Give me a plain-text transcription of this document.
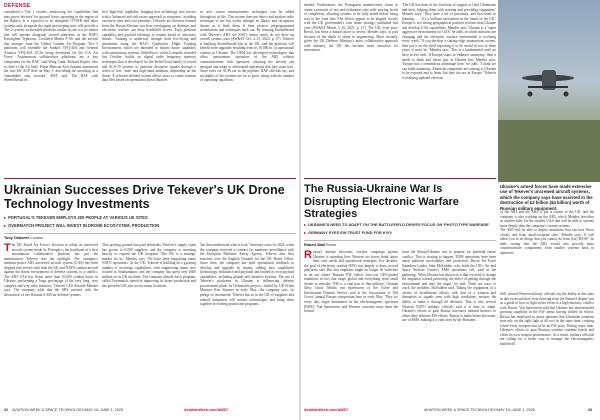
DEFENSE
considered a Tier 1 system—reinforcing the 'capabilities that may prove decisive' for ground forces operating in the region of the Baltics. It is expected to sit alongside OTTER and other systems and, alongside the rapid prototyping unit, will provide a Tier 2 system, an attritable platform similar in size to a jet trainer that will operate alongside crewed platforms as the RAF's Eurofighter Typhoons, Lockheed Martin F-35s and the aircraft that emerges from the Global Combat Air Program. Tier 3 platforms will resemble the Anduril YFQ-44A and General Atomics YFQ-42A UCAs being developed for the U.S. Air Force. 'Autonomous collaborative platforms are a key component for the RAF,' said Wing Cmdr. Richard Kepler, who is chief of the Air Staff. Prime Minister Keir Starmer announced the first UK ACP fleet on May 1, describing the unveiling as a 'remarkable step forward,' RAF said. The RAF calls StormShroud its
first 'high-risk' capability, bringing new technology into service with a 'balanced and risk-aware approach to assurance,' avoiding excessive time and cost penalties. Officials are likewise learned from the Russia-Ukraine war how overlapping air defenses and electronic warfare can deny battlefield access. Each platform capability and payload offerings to remain ahead of adversary threats. Training is underway through both live-flying and simulation using the RAF's Qualitative Flight Training Environment, which are intended to inform future capability with autonomous systems. StrikeForce, which Leonardo revealed last October, builds on digital radio frequency memory techniques that it developed for the StrikeCloud family of towed and ALE-70 systems to generate deceptive signals through a series of low-, mid- and high-band antennas, depending on the threat. A software-defined system allows users to create mission data files based on operational threat libraries
so new sensor measurements techniques can be added throughout its life. This system does not detect and analyze radio technique to see but works through its library and recognizes threats as it finds them. It then projects preprogrammed modulations and techniques back out. By teaming StormShroud with Tekever's AR3, the RAF's sensor suites do not drive up overall system costs (AW&ST Oct. 2–15, 2023, p. 37). Tekever is building StormShroud kits in the UK, and the platform will benefit from upgrades resulting from its 10,000 hr. of operational combat in Ukraine. The OEM has developed technologies that allow autonomous operation of the AR3 without communications with operators, ensuring the aircraft can navigate and adapt to adversarial operations that they must face. Since roles for ACPs are in the pipeline, RAF officials say, and stockpiles of the systems are set to grow, along with the number of operating squadrons.
Ukrainian Successes Drive Tekever's UK Drone Technology Investments
▸ PORTUGAL'S TEKEVER EMPLOYS 200 PEOPLE AT VARIOUS UK SITES
▸ OVERMATCH PROJECT WILL INVEST IN DRONE ECOSYSTEM, PRODUCTION
Tony Osborne London
The UK Royal Air Force's decision to adopt an uncrewed aircraft system made by Portugal is the backbone of a first autonomous collaborative platform has put the manufacturer Tekever into the spotlight. The company's medium-power AR3 uncrewed aircraft system (UAS) has been shipped into service with both the UK and NATO combat aircraft against the threat environment of defense systems in a conflict. The AR3 UAS has flown more than 10,000 combat hours in Ukraine, performing a 'large percentage of the very long, very complex and very risky missions,' Tekever CEO Ricardo Mendes says. The company adds that the AR3 assisted with the destruction of two Russian S-400 air defense systems.
That proving ground has paid dividends. Tekever's supply chain has grown to 6,000 suppliers, and the company is investing heavily to expand the UK footprint. 'The UK is a strategic market for us,' Mendes says. 'We have been supporting many NATO operations.' In the UK, Tekever is building on a growing number of sovereign capabilities, with engineering teams now located in Southampton, and the company has spent over £600 million on its UK facilities. The company already has a program, called Overmatch, aimed at improving its drone production and has provided UK jobs across many locations.
'but then understood what it took.' Secretary touts: in 2024, when the company received a contract for maritime surveillance with the European Maritime Safety Agency, Tekever also flies missions over the English Channel for the UK Home Office. Since then, the company has used operational feedback to develop and upgrade its drones, adding new capabilities (technology, endurance and payload) and funded its own payload capabilities, including globals and sensitive systems. The use of Tekever's platforms in Ukraine is influencing defense procurement plans. In Overmatch project—hailed by UK Prime Minister Keir Starmer in early May—the company says, its pledge of investment. Tekever has as in the UK of suppliers and related companies will mature technologies and bring them together in existing production programs.
32 AVIATION WEEK & SPACE TECHNOLOGY/MAY 19–JUNE 1, 2025	AviationWeek.com/AWST
needed, Furthermore, the Portuguese manufacturer wants to create a network of test and evaluation sites with varying levels of complexity, allowing systems to be fully tested before being sent to the front line. The efforts appear to be aligned closely with the UK government's own drone strategy, published last year (AW&ST March 3–16, 2025, p. 17). The UK, even post-Brexit, has been a natural place to invest, Mendes says, in part because of the depth of talent in engineering. More recently, given the UK Defence Ministry's more collaborative approach with industry, the UK has become more attractive for investment.
'The UK has been of the forefront of support to [the] Ukrainians and their, helping them with training and providing equipment,' Mendes says. 'They have a lot of proximity, and that leads to learning. . . . It's a brilliant investment in the future of the UK.' Europe is in a strong geographical position to learn from Ukraine and develop UAS capabilities, Mendes says. Ukraine is a 'super aggressive environment for UAS,' he adds, in which missions are changing and the electronic warfare environment is evolving every week. 'If you develop a cutting-edge autonomous system, then put it on the shelf expecting it to be useful in two or three years, it won't be,' Mendes says. 'This is a fundamental truth we have to live with.' If Europe wants to 'embrace autonomy,' then it needs to think and invest just as Ukraine has, Mendes says. 'Europe has a tremendous advantage here,' he adds. 'I think we can build autonomy, American companies are coming to Ukraine to be exposed and to learn, but they too are in Europe.' Tekever is readying updated versions
Ukraine's armed forces have made extensive use of Tekever's uncrewed aircraft systems, which the company says have assisted in the destruction of £2 billion ($4 billion) worth of Russian military equipment.
The Russia-Ukraine War Is Disrupting Electronic Warfare Strategies
▸ UKRAINE'S NEED TO ADAPT ON THE BATTLEFIELD DRIVES FOCUS ON 'PHOTOTYPE WARFARE'
▸ GERMANY EYES EW TRUST FUND FOR KYIV
Robert Wall Rome
Russia's intense electronic warfare campaign against Ukraine is speeding how Western air forces think about their own needs and operational strategies. For decades, the goal of electronic warfare (EW) was largely to keep crewed platforms safe. But that emphasis might no longer be sufficient in an era where Russian EW affects low-cost GPS-guided munitions in fact that target global and everything from small drones to missiles. 'EW is a vital part of that military,' German Navy Cmdr. Mubin van Spreeuwen of the Cyber and Information Domain Service said at the Association of Old Crows' annual Europe symposium here in early May. 'They try every day, target dominance in the electromagnetic spectrum [EMS].' Van Spreeuwen said Western countries must learn the lessons
of the AR3 and the AR5 to get it sooner to the UK, and the company is also working on the AR5, which Mendes describes as another fully for the smaller UAS that will be able to operate more deeply than the company's current systems.
The AR3 will be able to deploy munitions that can host 'those closely and from small-footprint sites,' Mendes says. 'It will allow you to do things that you cannot do from [far] RAAF,' he adds, noting that the AR3 would also provide mass counterwarfare components from smaller systems back to operators.
from the Russia-Ukraine war to prepare for potential future conflict. That is starting to happen. 'EMS operations have been about platform survivability and protection,' Royal Air Force Squadron Leader John McFadden, who leads the UK's Air and Space Warfare Centre's EMS operations cell, said at the gathering. 'What Ukraine has shown us is that we need to change the emphasis toward protecting the effect of getting through the environment and onto the target,' he said. There are ways to crack the problem, McFadden said. Taking the equipment of a variety of installments allows, with that of a weapon and disruption of signals seen with high conditions, ensures the ability to make it through all defenses. That is why several Western NATO military officials said it is time to adapt. Ukraine's efforts to gain Russia convinces rational kinetics to offset their airborne EW efforts, Russia to make better electronic use of EMS, making it a vital asset by the Russians.
Still, several Western military officials say the ability at this state in this event and they were drawing from the Russia-Ukraine war as a guide to how to fight in the event of a high-intensity conflict with Russia. Van Spreeuwen said that Ukraine has demonstrated growing capability in the EW arena, having shifted its efforts. Russia has employed so many jammers that Ukrainian weapons now rely on the right fight at all cost in the same time, creating where every weapons has to be an EW asset. During some time, Ukraine's efforts to gain Russian systems continue hassle and offset its own weapon performance. As a result, military officials are calling for a better way to manage the electromagnetic battlefield.
AviationWeek.com/AWST	AVIATION WEEK & SPACE TECHNOLOGY/MAY 19–JUNE 1, 2025	33
